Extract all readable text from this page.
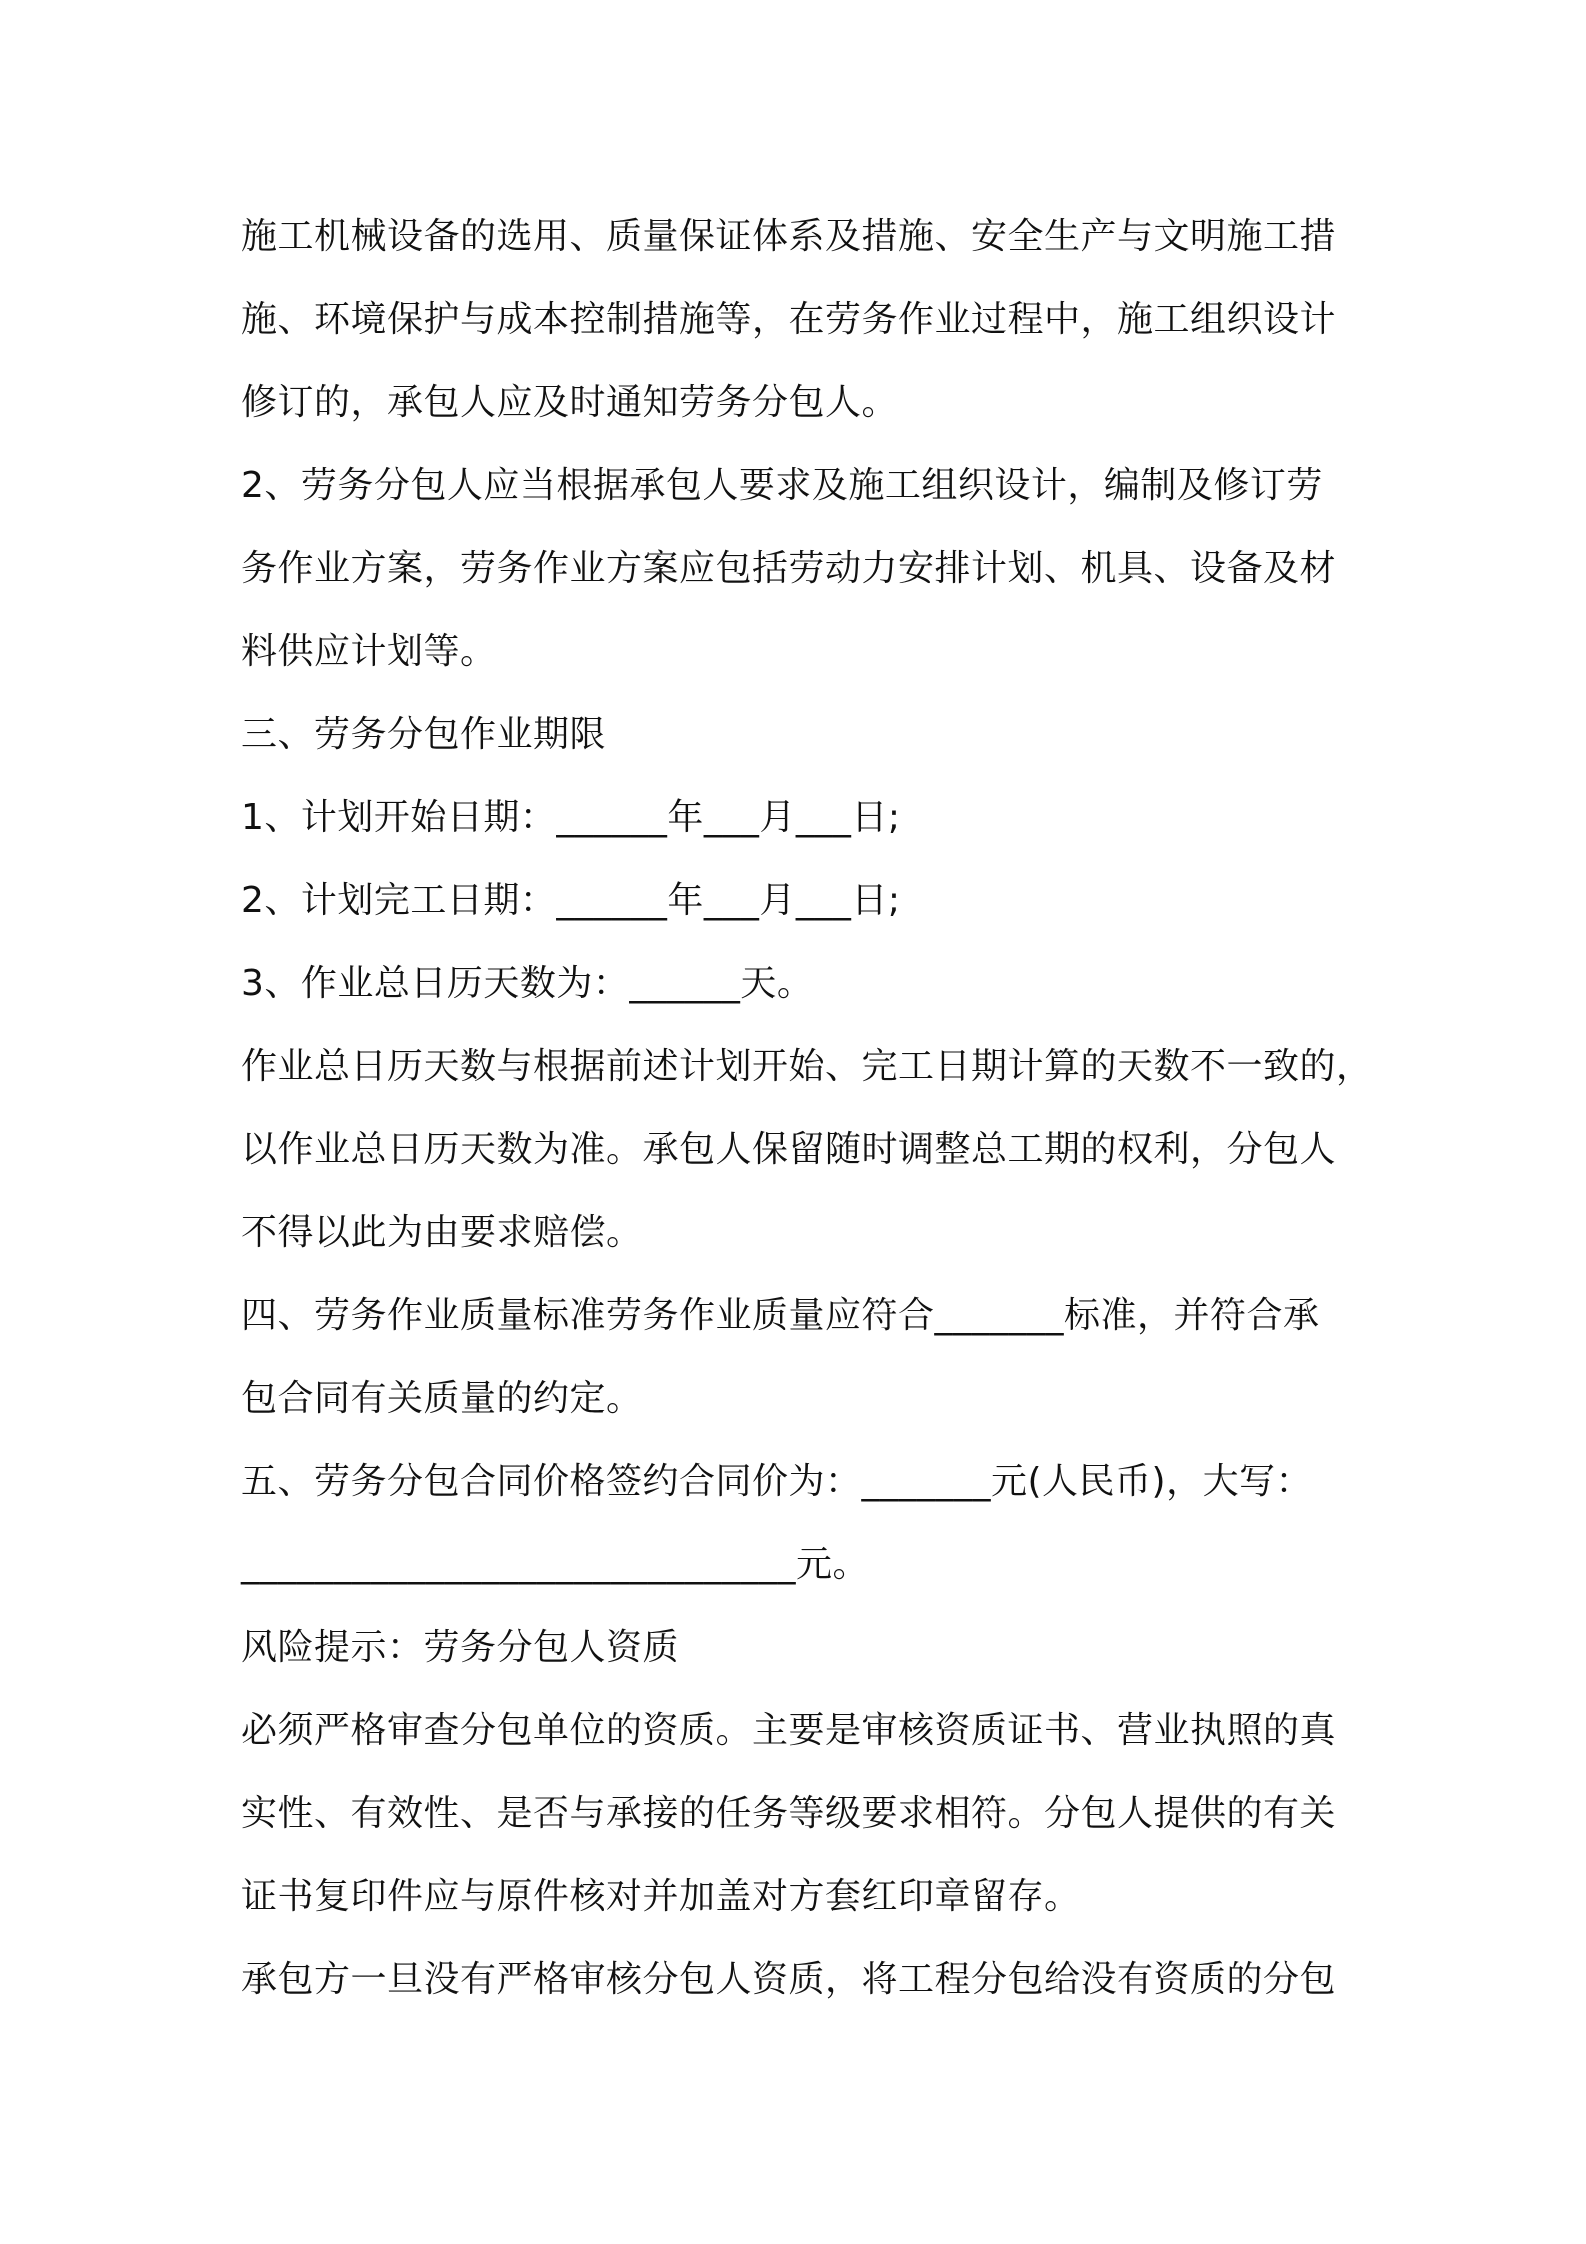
施工机械设备的选用、质量保证体系及措施、安全生产与文明施工措
施、环境保护与成本控制措施等，在劳务作业过程中，施工组织设计
修订的，承包人应及时通知劳务分包人。
2、劳务分包人应当根据承包人要求及施工组织设计，编制及修订劳
务作业方案，劳务作业方案应包括劳动力安排计划、机具、设备及材
料供应计划等。
三、劳务分包作业期限
1、计划开始日期：______年___月___日;
2、计划完工日期：______年___月___日;
3、作业总日历天数为：______天。
作业总日历天数与根据前述计划开始、完工日期计算的天数不一致的，
以作业总日历天数为准。承包人保留随时调整总工期的权利，分包人
不得以此为由要求赔偿。
四、劳务作业质量标准劳务作业质量应符合_______标准，并符合承
包合同有关质量的约定。
五、劳务分包合同价格签约合同价为：_______元(人民币)，大写：
______________________________元。
风险提示：劳务分包人资质
必须严格审查分包单位的资质。主要是审核资质证书、营业执照的真
实性、有效性、是否与承接的任务等级要求相符。分包人提供的有关
证书复印件应与原件核对并加盖对方套红印章留存。
承包方一旦没有严格审核分包人资质，将工程分包给没有资质的分包
